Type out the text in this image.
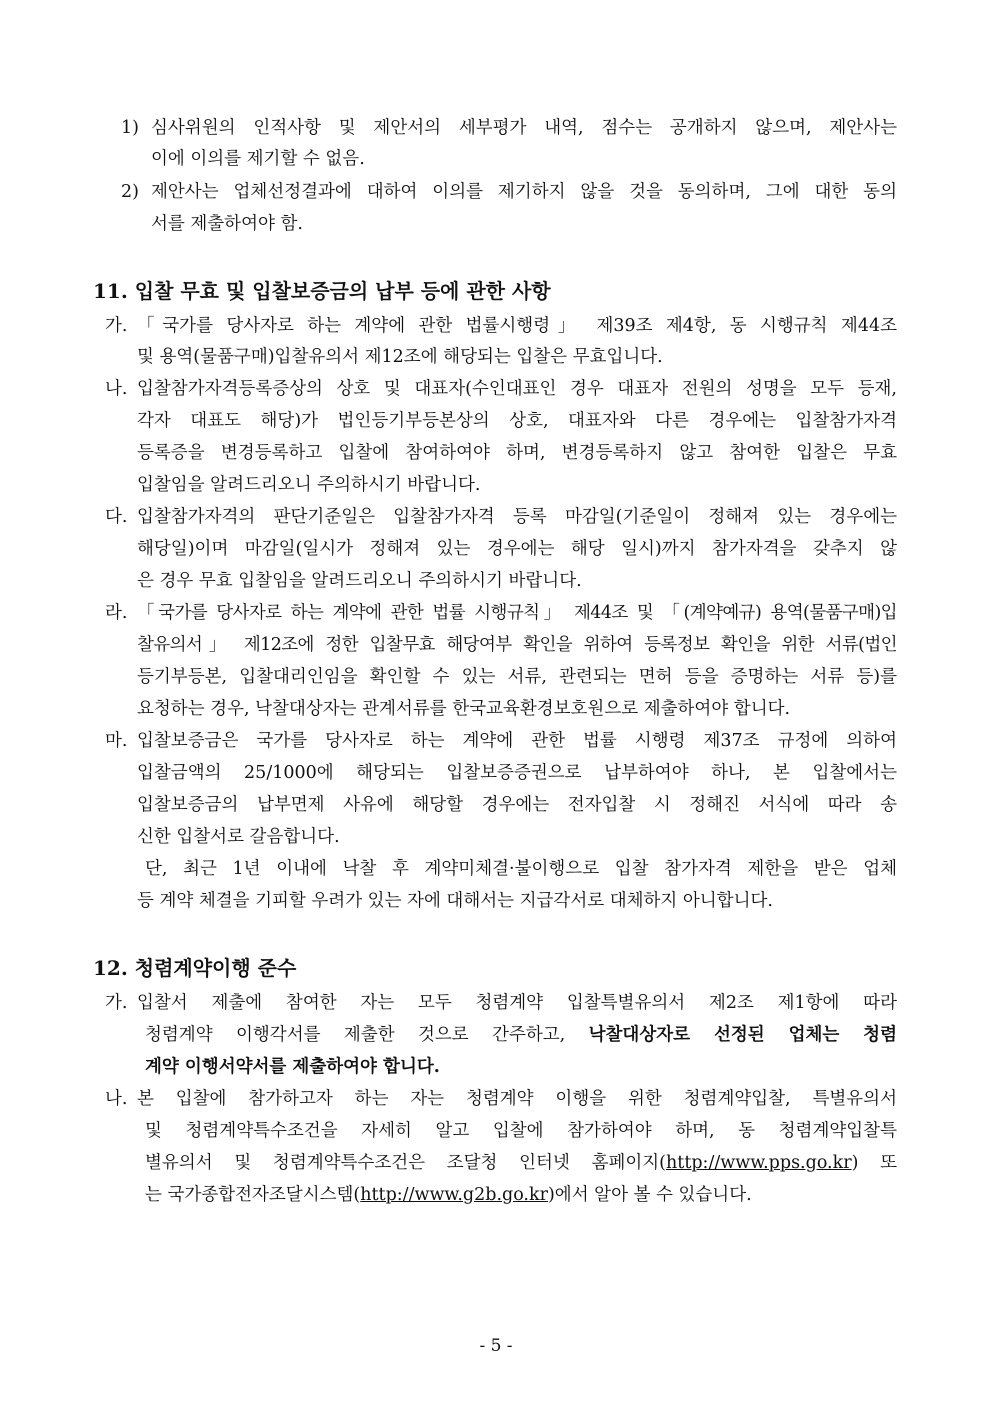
1) 심사위원의 인적사항 및 제안서의 세부평가 내역, 점수는 공개하지 않으며, 제안사는
이에 이의를 제기할 수 없음.
2) 제안사는 업체선정결과에 대하여 이의를 제기하지 않을 것을 동의하며, 그에 대한 동의
서를 제출하여야 함.
11. 입찰 무효 및 입찰보증금의 납부 등에 관한 사항
가. 「국가를 당사자로 하는 계약에 관한 법률시행령」 제39조 제4항, 동 시행규칙 제44조
및 용역(물품구매)입찰유의서 제12조에 해당되는 입찰은 무효입니다.
나. 입찰참가자격등록증상의 상호 및 대표자(수인대표인 경우 대표자 전원의 성명을 모두 등재,
각자 대표도 해당)가 법인등기부등본상의 상호, 대표자와 다른 경우에는 입찰참가자격
등록증을 변경등록하고 입찰에 참여하여야 하며, 변경등록하지 않고 참여한 입찰은 무효
입찰임을 알려드리오니 주의하시기 바랍니다.
다. 입찰참가자격의 판단기준일은 입찰참가자격 등록 마감일(기준일이 정해져 있는 경우에는
해당일)이며 마감일(일시가 정해져 있는 경우에는 해당 일시)까지 참가자격을 갖추지 않
은 경우 무효 입찰임을 알려드리오니 주의하시기 바랍니다.
라. 「국가를 당사자로 하는 계약에 관한 법률 시행규칙」 제44조 및 「(계약예규) 용역(물품구매)입
찰유의서」 제12조에 정한 입찰무효 해당여부 확인을 위하여 등록정보 확인을 위한 서류(법인
등기부등본, 입찰대리인임을 확인할 수 있는 서류, 관련되는 면허 등을 증명하는 서류 등)를
요청하는 경우, 낙찰대상자는 관계서류를 한국교육환경보호원으로 제출하여야 합니다.
마. 입찰보증금은 국가를 당사자로 하는 계약에 관한 법률 시행령 제37조 규정에 의하여
입찰금액의 25/1000에 해당되는 입찰보증증권으로 납부하여야 하나, 본 입찰에서는
입찰보증금의 납부면제 사유에 해당할 경우에는 전자입찰 시 정해진 서식에 따라 송
신한 입찰서로 갈음합니다.
단, 최근 1년 이내에 낙찰 후 계약미체결·불이행으로 입찰 참가자격 제한을 받은 업체
등 계약 체결을 기피할 우려가 있는 자에 대해서는 지급각서로 대체하지 아니합니다.
12. 청렴계약이행 준수
가. 입찰서 제출에 참여한 자는 모두 청렴계약 입찰특별유의서 제2조 제1항에 따라
청렴계약 이행각서를 제출한 것으로 간주하고, 낙찰대상자로 선정된 업체는 청렴
계약 이행서약서를 제출하여야 합니다.
나. 본 입찰에 참가하고자 하는 자는 청렴계약 이행을 위한 청렴계약입찰, 특별유의서
및 청렴계약특수조건을 자세히 알고 입찰에 참가하여야 하며, 동 청렴계약입찰특
별유의서 및 청렴계약특수조건은 조달청 인터넷 홈페이지(http://www.pps.go.kr) 또
는 국가종합전자조달시스템(http://www.g2b.go.kr)에서 알아 볼 수 있습니다.
- 5 -
